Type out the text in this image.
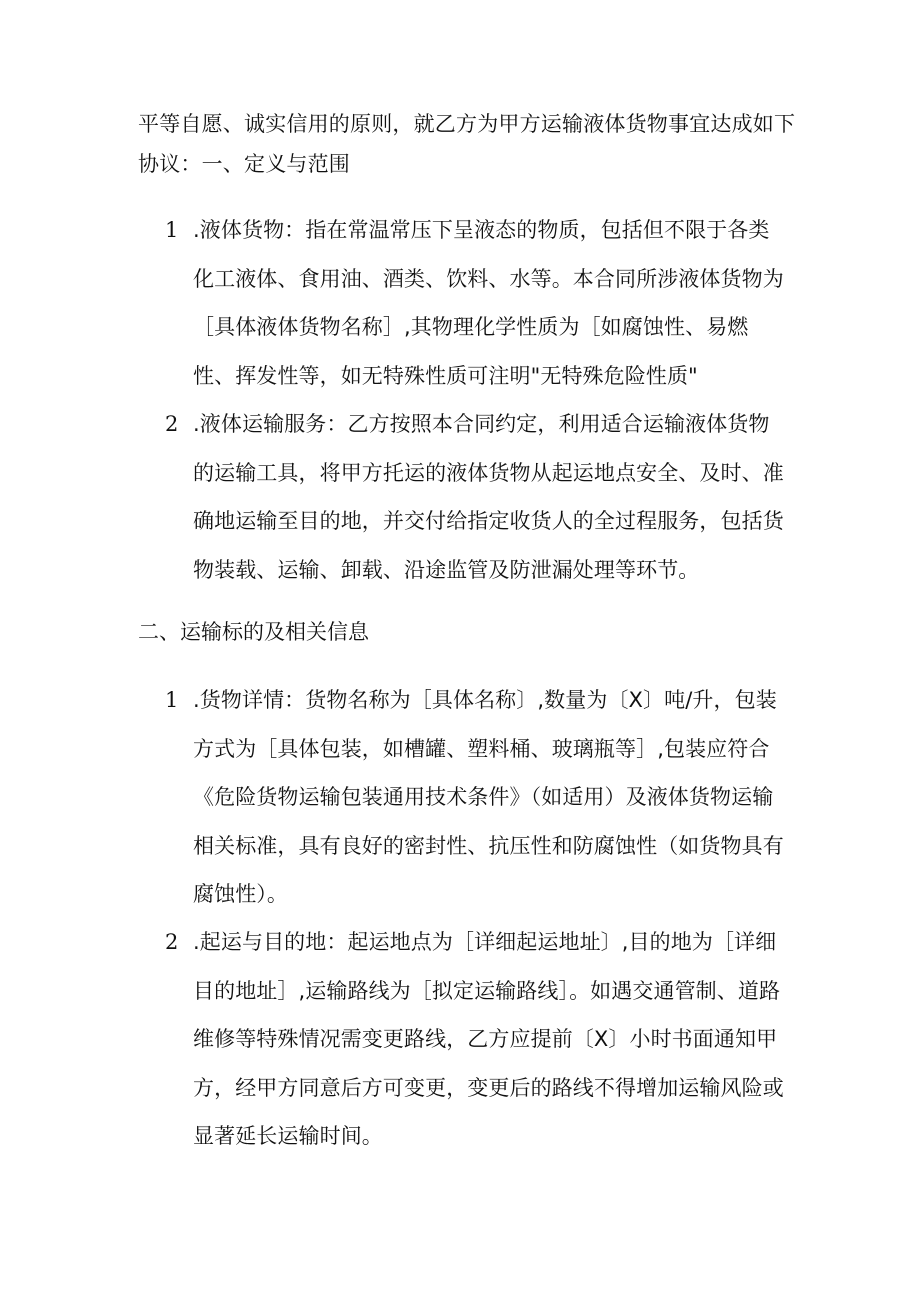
平等自愿、诚实信用的原则，就乙方为甲方运输液体货物事宜达成如下协议：一、定义与范围

1 .液体货物：指在常温常压下呈液态的物质，包括但不限于各类化工液体、食用油、酒类、饮料、水等。本合同所涉液体货物为［具体液体货物名称］,其物理化学性质为［如腐蚀性、易燃性、挥发性等，如无特殊性质可注明"无特殊危险性质"

2 .液体运输服务：乙方按照本合同约定，利用适合运输液体货物的运输工具，将甲方托运的液体货物从起运地点安全、及时、准确地运输至目的地，并交付给指定收货人的全过程服务，包括货物装载、运输、卸载、沿途监管及防泄漏处理等环节。

二、运输标的及相关信息

1 .货物详情：货物名称为［具体名称〕,数量为〔X〕吨/升，包装方式为［具体包装，如槽罐、塑料桶、玻璃瓶等］,包装应符合《危险货物运输包装通用技术条件》（如适用）及液体货物运输相关标准，具有良好的密封性、抗压性和防腐蚀性（如货物具有腐蚀性）。

2 .起运与目的地：起运地点为［详细起运地址〕,目的地为［详细目的地址］,运输路线为［拟定运输路线］。如遇交通管制、道路维修等特殊情况需变更路线，乙方应提前〔X〕小时书面通知甲方，经甲方同意后方可变更，变更后的路线不得增加运输风险或显著延长运输时间。
